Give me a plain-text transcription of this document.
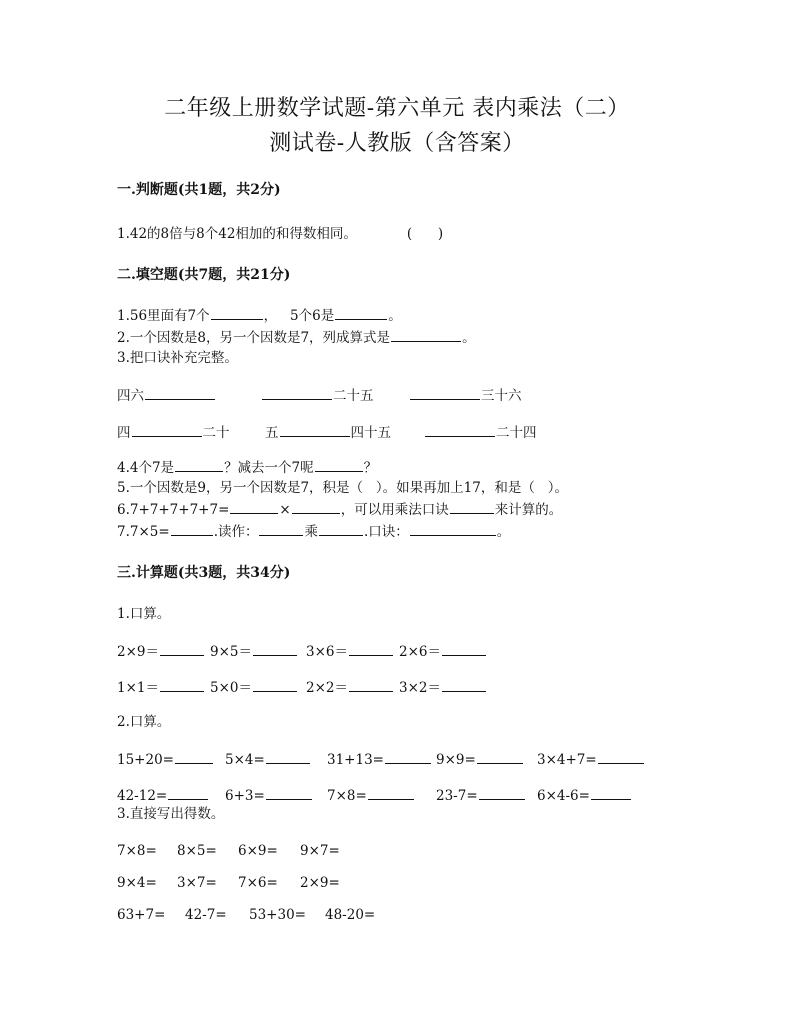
二年级上册数学试题-第六单元 表内乘法（二）
测试卷-人教版（含答案）
一.判断题(共1题，共2分)
1.42的8倍与8个42相加的和得数相同。	(      )
二.填空题(共7题，共21分)
1.56里面有7个	，   5个6是	。
2.一个因数是8，另一个因数是7，列成算式是	。
3.把口诀补充完整。
四六	二十五	三十六
四	二十	五	四十五	二十四
4.4个7是	？减去一个7呢	？
5.一个因数是9，另一个因数是7，积是（   ）。如果再加上17，和是（   ）。
6.7+7+7+7+7=	×	，可以用乘法口诀	来计算的。
7.7×5=	.读作：	乘	.口诀：	。
三.计算题(共3题，共34分)
1.口算。
2×9＝	9×5＝	3×6＝	2×6＝
1×1＝	5×0＝	2×2＝	3×2＝
2.口算。
15+20=	5×4=	31+13=	9×9=	3×4+7=
42-12=	6+3=	7×8=	23-7=	6×4-6=
3.直接写出得数。
7×8= 8×5= 6×9= 9×7=
9×4= 3×7= 7×6= 2×9=
63+7= 42-7= 53+30= 48-20=
